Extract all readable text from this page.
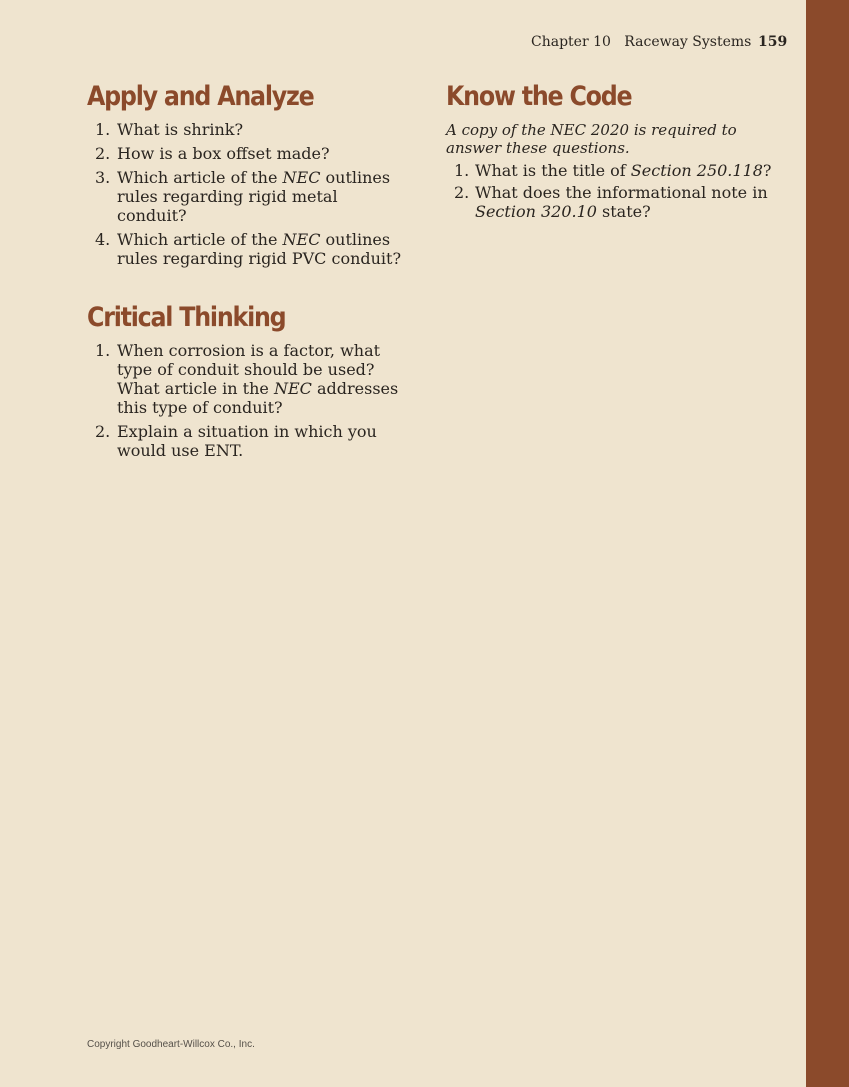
Chapter 10 Raceway Systems 159
Apply and Analyze
1. What is shrink?
2. How is a box offset made?
3. Which article of the NEC outlines rules regarding rigid metal conduit?
4. Which article of the NEC outlines rules regarding rigid PVC conduit?
Critical Thinking
1. When corrosion is a factor, what type of conduit should be used? What article in the NEC addresses this type of conduit?
2. Explain a situation in which you would use ENT.
Know the Code

A copy of the NEC 2020 is required to answer these questions.

1. What is the title of Section 250.118?
2. What does the informational note in Section 320.10 state?
Copyright Goodheart-Willcox Co., Inc.
